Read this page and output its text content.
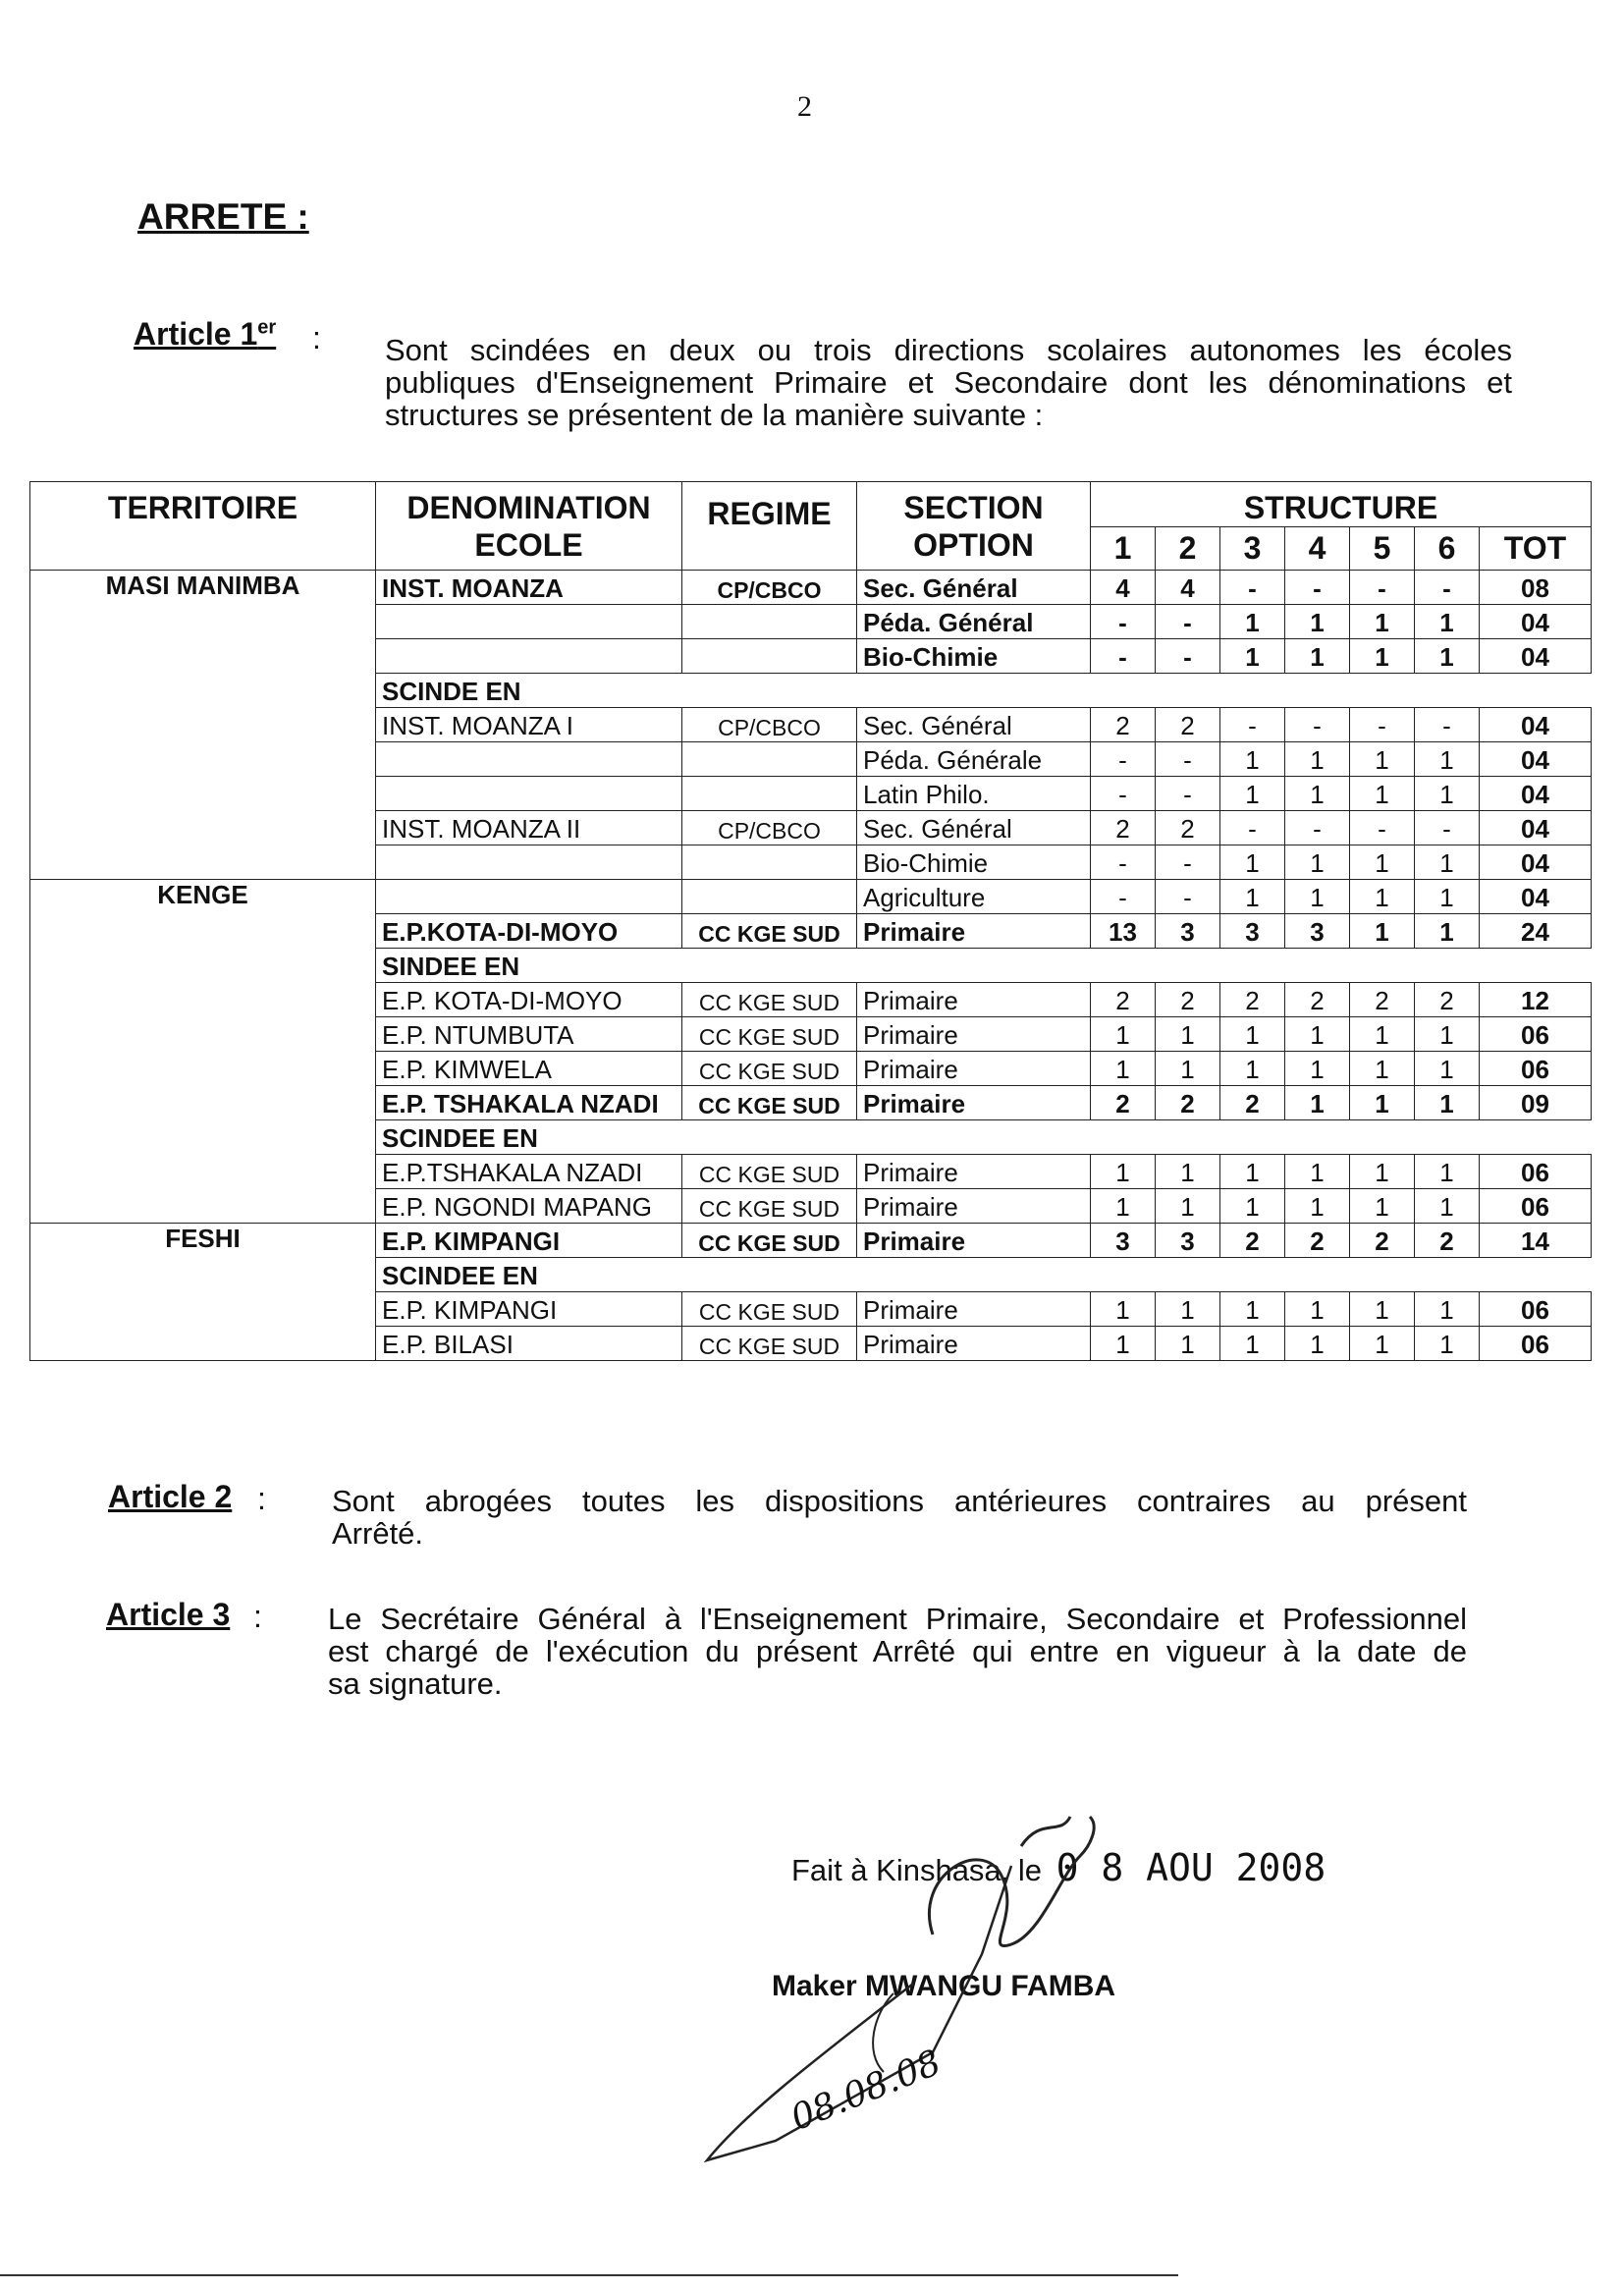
2
ARRETE :
Article 1er : Sont scindées en deux ou trois directions scolaires autonomes les écoles
publiques d'Enseignement Primaire et Secondaire dont les dénominations et
structures se présentent de la manière suivante :
TERRITOIRE	DENOMINATION ECOLE	REGIME	SECTION OPTION	STRUCTURE						
				1	2	3	4	5	6	TOT
MASI MANIMBA	INST. MOANZA	CP/CBCO	Sec. Général	4	4	-	-	-	-	08
			Péda. Général	-	-	1	1	1	1	04
			Bio-Chimie	-	-	1	1	1	1	04
	SCINDE EN									
	INST. MOANZA I	CP/CBCO	Sec. Général	2	2	-	-	-	-	04
			Péda. Générale	-	-	1	1	1	1	04
			Latin Philo.	-	-	1	1	1	1	04
	INST. MOANZA II	CP/CBCO	Sec. Général	2	2	-	-	-	-	04
			Bio-Chimie	-	-	1	1	1	1	04
KENGE			Agriculture	-	-	1	1	1	1	04
	E.P.KOTA-DI-MOYO	CC KGE SUD	Primaire	13	3	3	3	1	1	24
	SINDEE EN									
	E.P. KOTA-DI-MOYO	CC KGE SUD	Primaire	2	2	2	2	2	2	12
	E.P. NTUMBUTA	CC KGE SUD	Primaire	1	1	1	1	1	1	06
	E.P. KIMWELA	CC KGE SUD	Primaire	1	1	1	1	1	1	06
	E.P. TSHAKALA NZADI	CC KGE SUD	Primaire	2	2	2	1	1	1	09
	SCINDEE EN									
	E.P.TSHAKALA NZADI	CC KGE SUD	Primaire	1	1	1	1	1	1	06
	E.P. NGONDI MAPANG	CC KGE SUD	Primaire	1	1	1	1	1	1	06
FESHI	E.P. KIMPANGI	CC KGE SUD	Primaire	3	3	2	2	2	2	14
	SCINDEE EN									
	E.P. KIMPANGI	CC KGE SUD	Primaire	1	1	1	1	1	1	06
	E.P. BILASI	CC KGE SUD	Primaire	1	1	1	1	1	1	06
Article 2 : Sont abrogées toutes les dispositions antérieures contraires au présent
Arrêté.
Article 3 : Le Secrétaire Général à l'Enseignement Primaire, Secondaire et Professionnel
est chargé de l'exécution du présent Arrêté qui entre en vigueur à la date de
sa signature.
Fait à Kinshasa, le 0 8 AOU 2008
Maker MWANGU FAMBA
08.08.08
